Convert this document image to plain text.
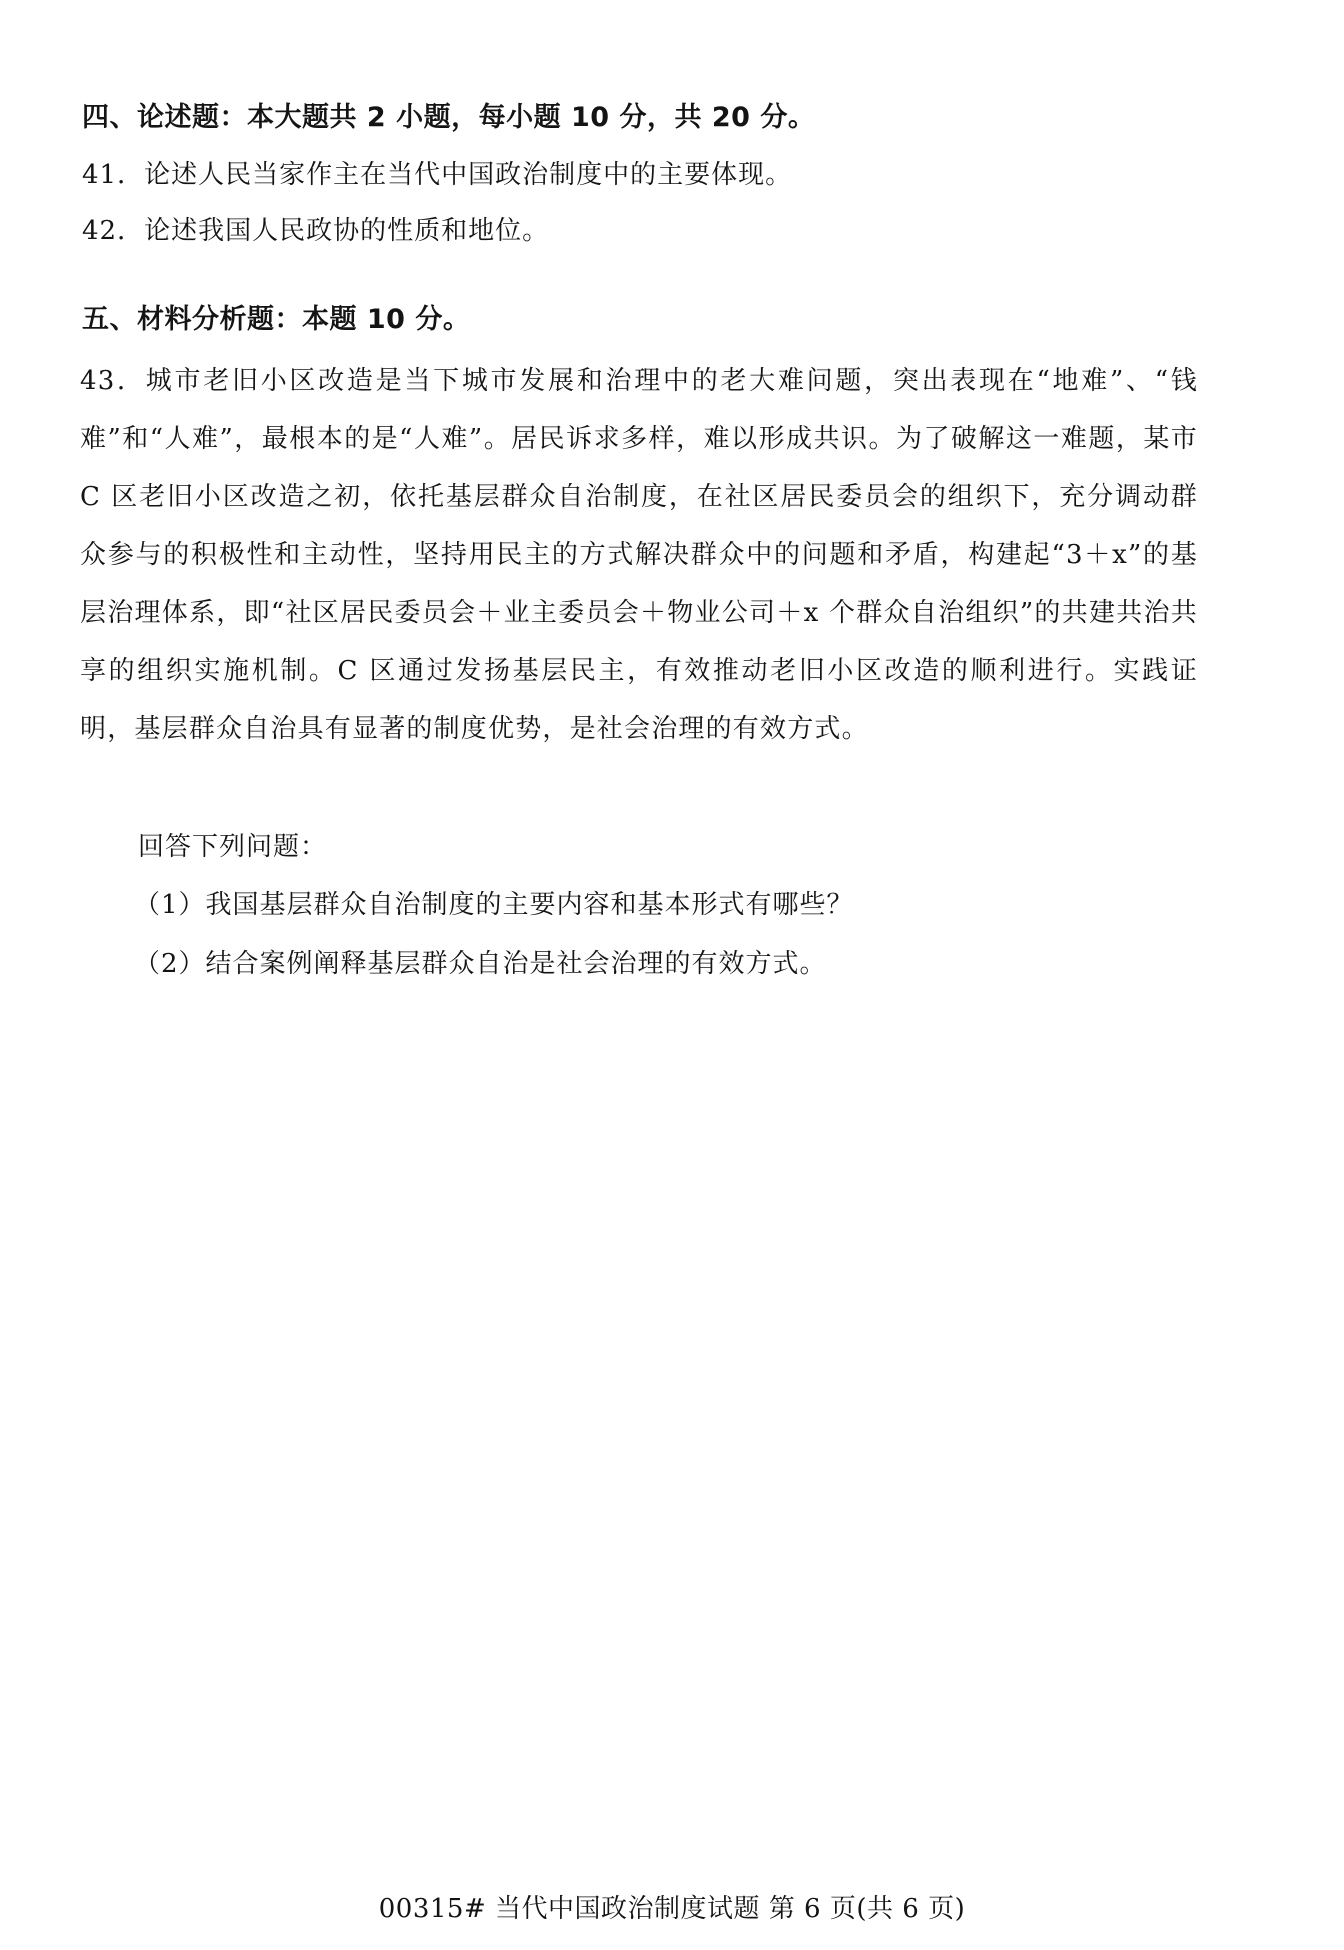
四、论述题：本大题共 2 小题，每小题 10 分，共 20 分。
41．论述人民当家作主在当代中国政治制度中的主要体现。
42．论述我国人民政协的性质和地位。
五、材料分析题：本题 10 分。
43．城市老旧小区改造是当下城市发展和治理中的老大难问题，突出表现在“地难”、“钱难”和“人难”，最根本的是“人难”。居民诉求多样，难以形成共识。为了破解这一难题，某市 C 区老旧小区改造之初，依托基层群众自治制度，在社区居民委员会的组织下，充分调动群众参与的积极性和主动性，坚持用民主的方式解决群众中的问题和矛盾，构建起“3＋x”的基层治理体系，即“社区居民委员会＋业主委员会＋物业公司＋x 个群众自治组织”的共建共治共享的组织实施机制。C 区通过发扬基层民主，有效推动老旧小区改造的顺利进行。实践证明，基层群众自治具有显著的制度优势，是社会治理的有效方式。
回答下列问题：
（1）我国基层群众自治制度的主要内容和基本形式有哪些？
（2）结合案例阐释基层群众自治是社会治理的有效方式。
00315# 当代中国政治制度试题 第 6 页(共 6 页)
